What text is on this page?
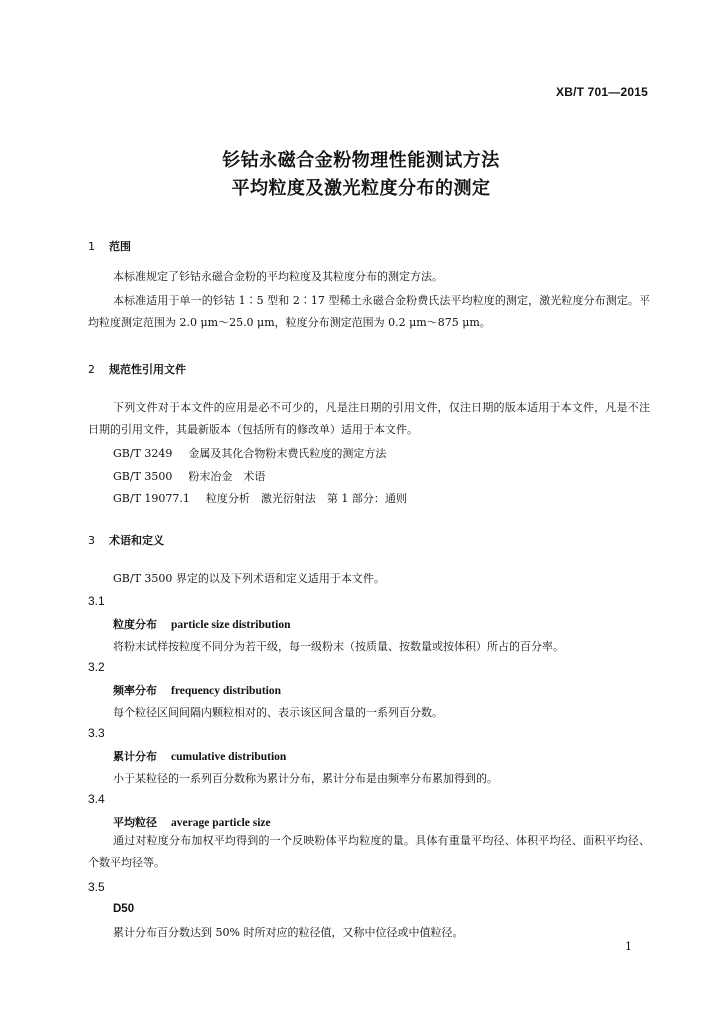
XB/T 701—2015
钐钴永磁合金粉物理性能测试方法
平均粒度及激光粒度分布的测定
1 范围
本标准规定了钐钴永磁合金粉的平均粒度及其粒度分布的测定方法。
本标准适用于单一的钐钴 1∶5 型和 2∶17 型稀土永磁合金粉费氏法平均粒度的测定，激光粒度分布测定。平均粒度测定范围为 2.0 μm～25.0 μm，粒度分布测定范围为 0.2 μm～875 μm。
2 规范性引用文件
下列文件对于本文件的应用是必不可少的，凡是注日期的引用文件，仅注日期的版本适用于本文件，凡是不注日期的引用文件，其最新版本（包括所有的修改单）适用于本文件。
GB/T 3249 金属及其化合物粉末费氏粒度的测定方法
GB/T 3500 粉末冶金　术语
GB/T 19077.1 粒度分析　激光衍射法　第 1 部分：通则
3 术语和定义
GB/T 3500 界定的以及下列术语和定义适用于本文件。
3.1
粒度分布 particle size distribution
将粉末试样按粒度不同分为若干级，每一级粉末（按质量、按数量或按体积）所占的百分率。
3.2
频率分布 frequency distribution
每个粒径区间间隔内颗粒相对的、表示该区间含量的一系列百分数。
3.3
累计分布 cumulative distribution
小于某粒径的一系列百分数称为累计分布，累计分布是由频率分布累加得到的。
3.4
平均粒径 average particle size
通过对粒度分布加权平均得到的一个反映粉体平均粒度的量。具体有重量平均径、体积平均径、面积平均径、个数平均径等。
3.5
D50
累计分布百分数达到 50% 时所对应的粒径值，又称中位径或中值粒径。
1
